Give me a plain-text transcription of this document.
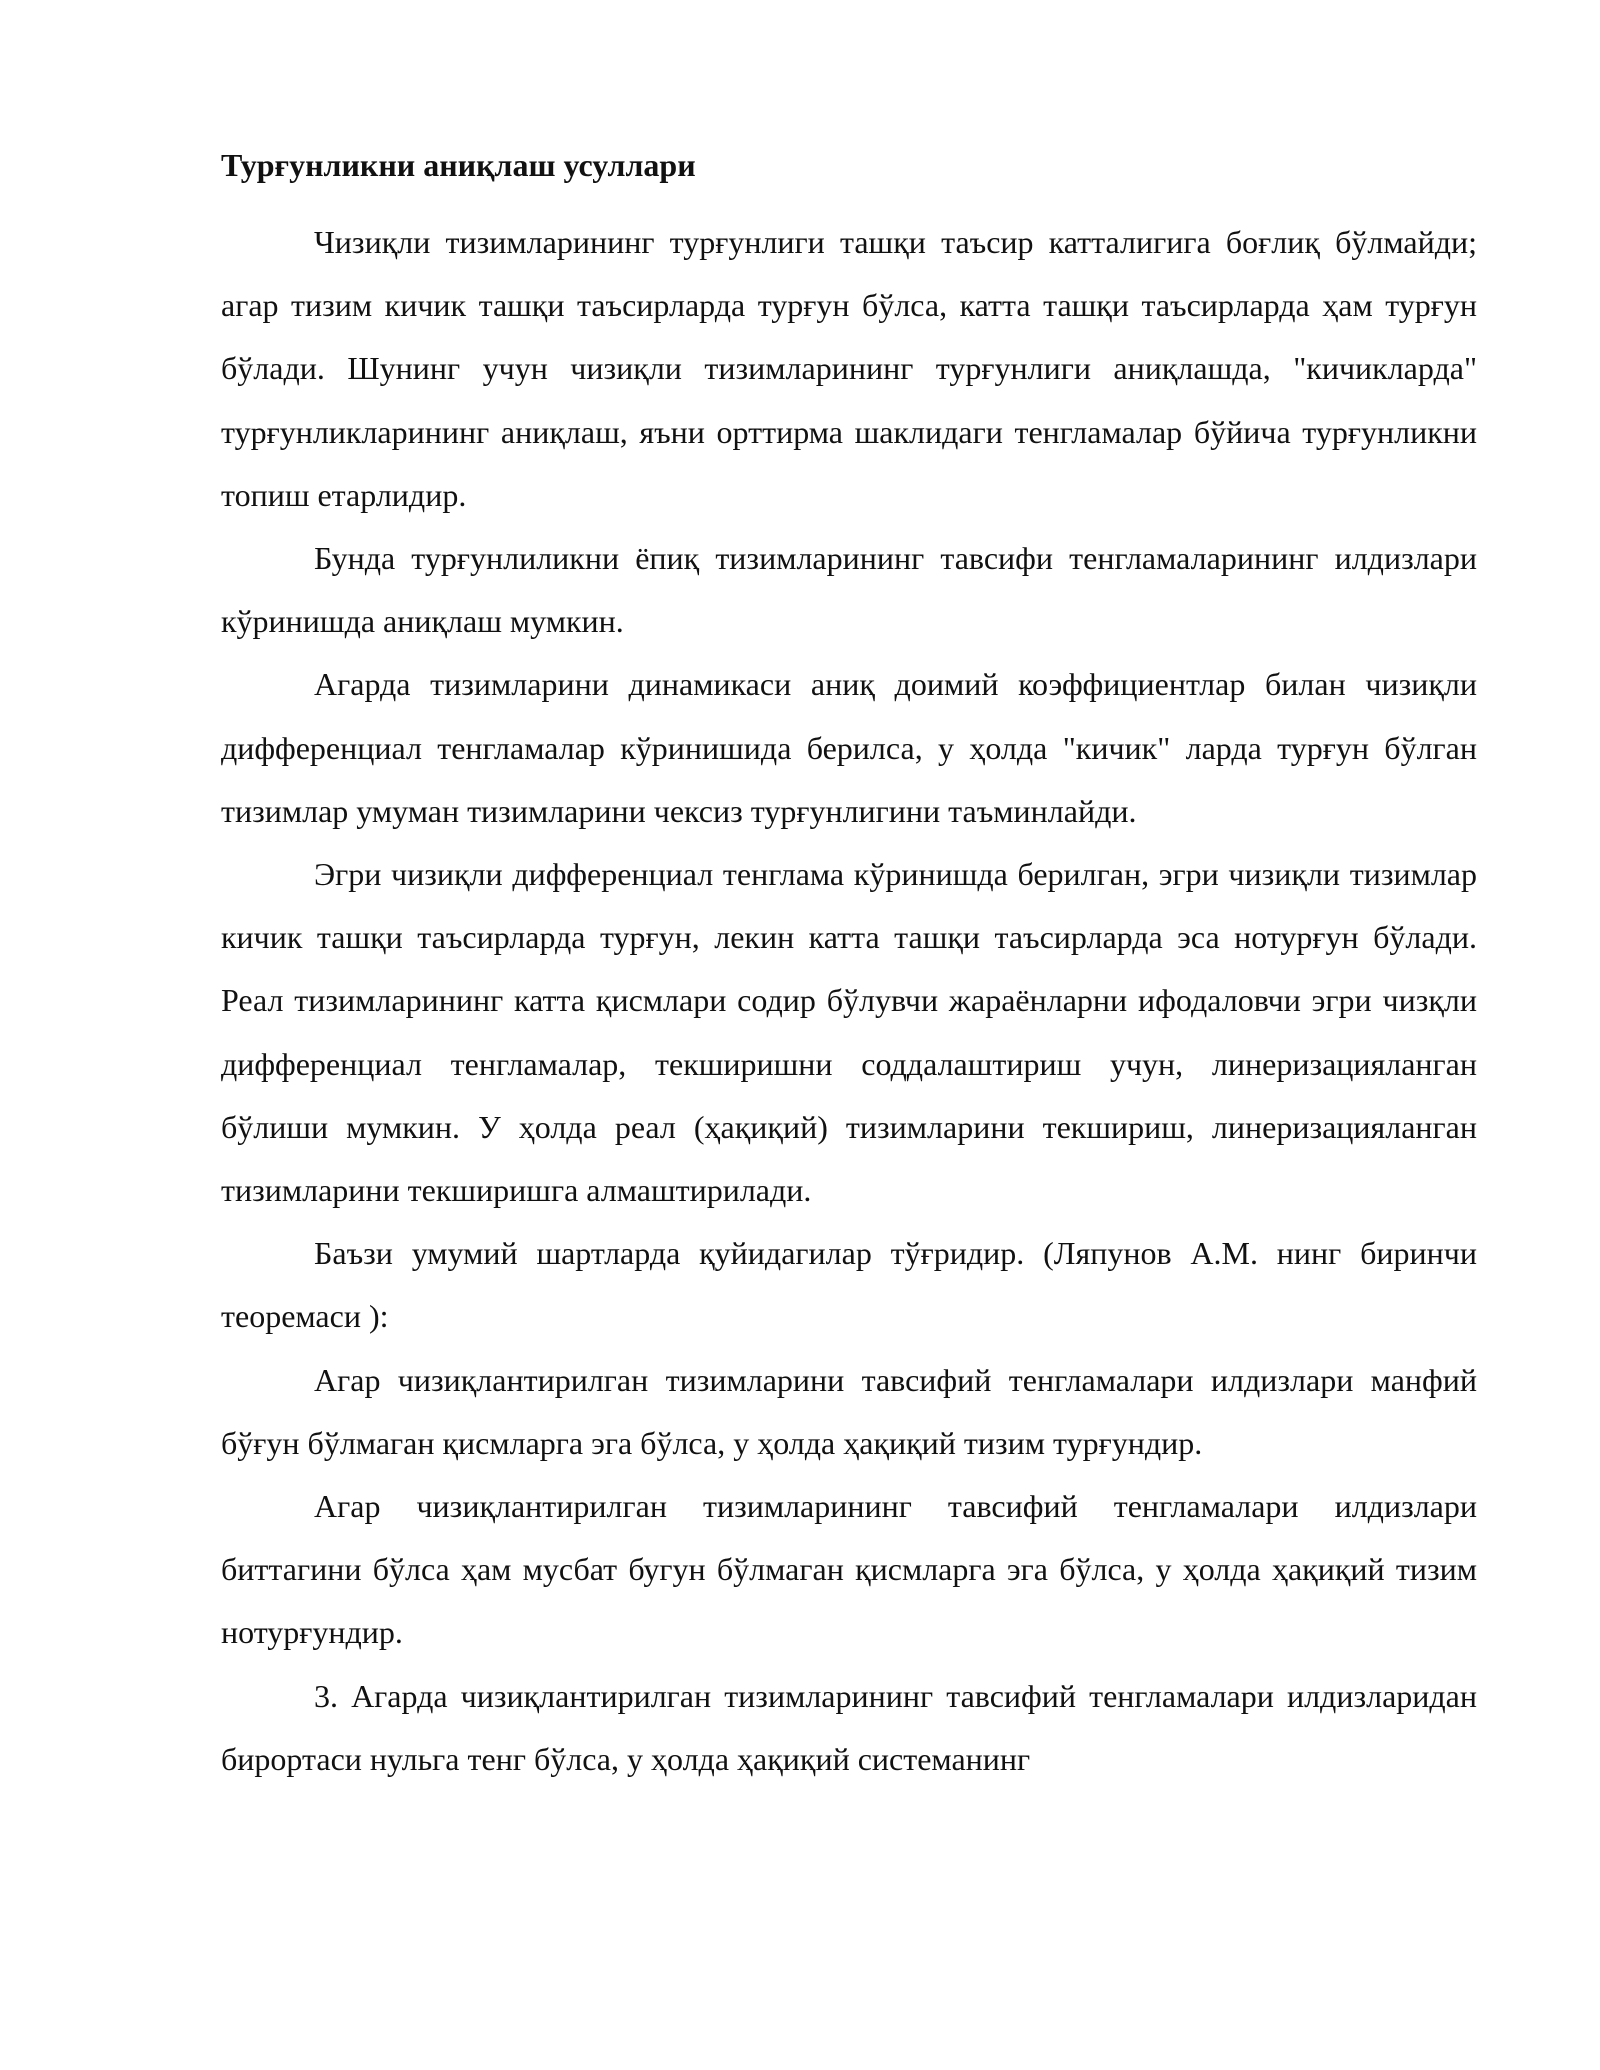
Турғунликни аниқлаш усуллари

Чизиқли тизимларининг турғунлиги ташқи таъсир катталигига боғлиқ бўлмайди; агар тизим кичик ташқи таъсирларда турғун бўлса, катта ташқи таъсирларда ҳам турғун бўлади. Шунинг учун чизиқли тизимларининг турғунлиги аниқлашда, "кичикларда" турғунликларининг аниқлаш, яъни орттирма шаклидаги тенгламалар бўйича турғунликни топиш етарлидир.

Бунда турғунлиликни ёпиқ тизимларининг тавсифи тенгламаларининг илдизлари кўринишда аниқлаш мумкин.

Агарда тизимларини динамикаси аниқ доимий коэффициентлар билан чизиқли дифференциал тенгламалар кўринишида берилса, у ҳолда "кичик" ларда турғун бўлган тизимлар умуман тизимларини чексиз турғунлигини таъминлайди.

Эгри чизиқли дифференциал тенглама кўринишда берилган, эгри чизиқли тизимлар кичик ташқи таъсирларда турғун, лекин катта ташқи таъсирларда эса нотурғун бўлади. Реал тизимларининг катта қисмлари содир бўлувчи жараёнларни ифодаловчи эгри чизқли дифференциал тенгламалар, текширишни соддалаштириш учун, линеризацияланган бўлиши мумкин. У ҳолда реал (ҳақиқий) тизимларини текшириш, линеризацияланган тизимларини текширишга алмаштирилади.

Баъзи умумий шартларда қуйидагилар тўғридир. (Ляпунов А.М. нинг биринчи теоремаси ):

Агар чизиқлантирилган тизимларини тавсифий тенгламалари илдизлари манфий бўғун бўлмаган қисмларга эга бўлса, у ҳолда ҳақиқий тизим турғундир.

Агар чизиқлантирилган тизимларининг тавсифий тенгламалари илдизлари биттагини бўлса ҳам мусбат бугун бўлмаган қисмларга эга бўлса, у ҳолда ҳақиқий тизим нотурғундир.

3. Агарда чизиқлантирилган тизимларининг тавсифий тенгламалари илдизларидан бирортаси нульга тенг бўлса, у ҳолда ҳақиқий системанинг
